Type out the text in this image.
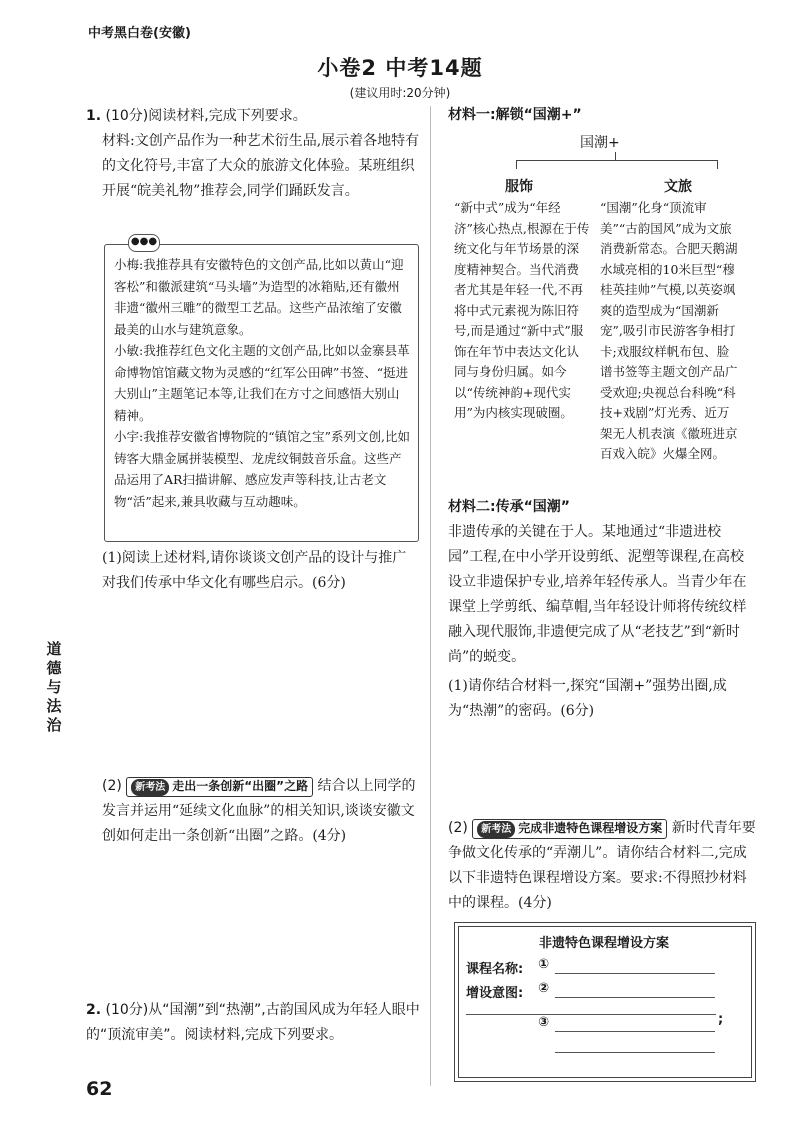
中考黑白卷(安徽)
小卷2 中考14题
(建议用时:20分钟)
道德与法治
62
1. (10分)阅读材料,完成下列要求。
材料:文创产品作为一种艺术衍生品,展示着各地特有的文化符号,丰富了大众的旅游文化体验。某班组织开展“皖美礼物”推荐会,同学们踊跃发言。
●●●
小梅:我推荐具有安徽特色的文创产品,比如以黄山“迎客松”和徽派建筑“马头墙”为造型的冰箱贴,还有徽州非遗“徽州三雕”的微型工艺品。这些产品浓缩了安徽最美的山水与建筑意象。
小敏:我推荐红色文化主题的文创产品,比如以金寨县革命博物馆馆藏文物为灵感的“红军公田碑”书签、“挺进大别山”主题笔记本等,让我们在方寸之间感悟大别山精神。
小宇:我推荐安徽省博物院的“镇馆之宝”系列文创,比如铸客大鼎金属拼装模型、龙虎纹铜鼓音乐盒。这些产品运用了AR扫描讲解、感应发声等科技,让古老文物“活”起来,兼具收藏与互动趣味。
(1)阅读上述材料,请你谈谈文创产品的设计与推广对我们传承中华文化有哪些启示。(6分)
(2) 新考法 走出一条创新“出圈”之路 结合以上同学的发言并运用“延续文化血脉”的相关知识,谈谈安徽文创如何走出一条创新“出圈”之路。(4分)
2. (10分)从“国潮”到“热潮”,古韵国风成为年轻人眼中的“顶流审美”。阅读材料,完成下列要求。
材料一:解锁“国潮+”
国潮+
服饰	文旅
“新中式”成为“年经济”核心热点,根源在于传统文化与年节场景的深度精神契合。当代消费者尤其是年轻一代,不再将中式元素视为陈旧符号,而是通过“新中式”服饰在年节中表达文化认同与身份归属。如今以“传统神韵+现代实用”为内核实现破圈。
“国潮”化身“顶流审美”“古韵国风”成为文旅消费新常态。合肥天鹅湖水域亮相的10米巨型“穆桂英挂帅”气模,以英姿飒爽的造型成为“国潮新宠”,吸引市民游客争相打卡;戏服纹样帆布包、脸谱书签等主题文创产品广受欢迎;央视总台科晚“科技+戏剧”灯光秀、近万架无人机表演《徽班进京 百戏入皖》火爆全网。
材料二:传承“国潮”
非遗传承的关键在于人。某地通过“非遗进校园”工程,在中小学开设剪纸、泥塑等课程,在高校设立非遗保护专业,培养年轻传承人。当青少年在课堂上学剪纸、编草帽,当年轻设计师将传统纹样融入现代服饰,非遗便完成了从“老技艺”到“新时尚”的蜕变。
(1)请你结合材料一,探究“国潮+”强势出圈,成为“热潮”的密码。(6分)
(2) 新考法 完成非遗特色课程增设方案 新时代青年要争做文化传承的“弄潮儿”。请你结合材料二,完成以下非遗特色课程增设方案。要求:不得照抄材料中的课程。(4分)
非遗特色课程增设方案
课程名称: ①
增设意图: ②
③	;
